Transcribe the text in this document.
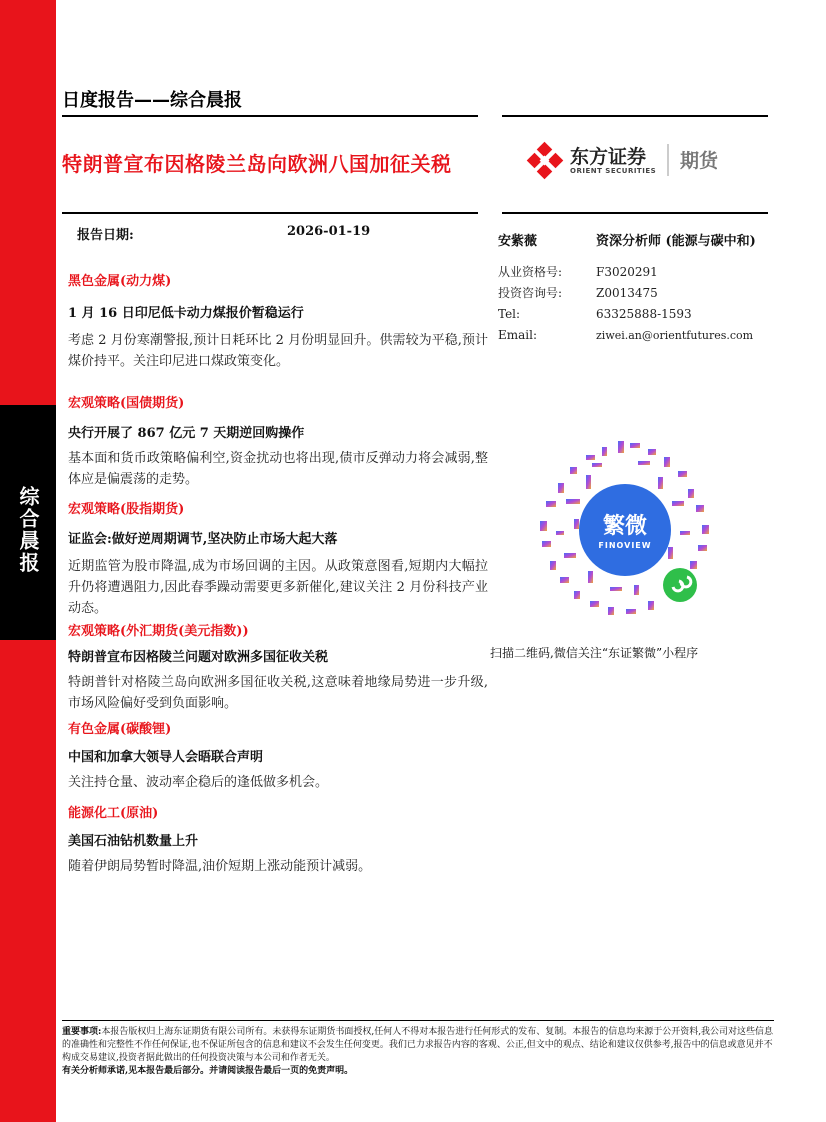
综合晨报
日度报告——综合晨报
特朗普宣布因格陵兰岛向欧洲八国加征关税	东方证券
ORIENT SECURITIES 期货
报告日期:	2026-01-19

黑色金属(动力煤)

1 月 16 日印尼低卡动力煤报价暂稳运行

考虑 2 月份寒潮警报,预计日耗环比 2 月份明显回升。供需较为平稳,预计煤价持平。关注印尼进口煤政策变化。

宏观策略(国债期货)

央行开展了 867 亿元 7 天期逆回购操作

基本面和货币政策略偏利空,资金扰动也将出现,债市反弹动力将会减弱,整体应是偏震荡的走势。

宏观策略(股指期货)

证监会:做好逆周期调节,坚决防止市场大起大落

近期监管为股市降温,成为市场回调的主因。从政策意图看,短期内大幅拉升仍将遭遇阻力,因此春季躁动需要更多新催化,建议关注 2 月份科技产业动态。

宏观策略(外汇期货(美元指数))

特朗普宣布因格陵兰问题对欧洲多国征收关税

特朗普针对格陵兰岛向欧洲多国征收关税,这意味着地缘局势进一步升级,市场风险偏好受到负面影响。

有色金属(碳酸锂)

中国和加拿大领导人会晤联合声明

关注持仓量、波动率企稳后的逢低做多机会。

能源化工(原油)

美国石油钻机数量上升

随着伊朗局势暂时降温,油价短期上涨动能预计减弱。

安紫薇	资深分析师 (能源与碳中和)
从业资格号:	F3020291
投资咨询号:	Z0013475
Tel:	63325888-1593
Email:	ziwei.an@orientfutures.com
繁微
FINOVIEW
扫描二维码,微信关注“东证繁微”小程序
重要事项:本报告版权归上海东证期货有限公司所有。未获得东证期货书面授权,任何人不得对本报告进行任何形式的发布、复制。本报告的信息均来源于公开资料,我公司对这些信息的准确性和完整性不作任何保证,也不保证所包含的信息和建议不会发生任何变更。我们已力求报告内容的客观、公正,但文中的观点、结论和建议仅供参考,报告中的信息或意见并不构成交易建议,投资者据此做出的任何投资决策与本公司和作者无关。
有关分析师承诺,见本报告最后部分。并请阅读报告最后一页的免责声明。
